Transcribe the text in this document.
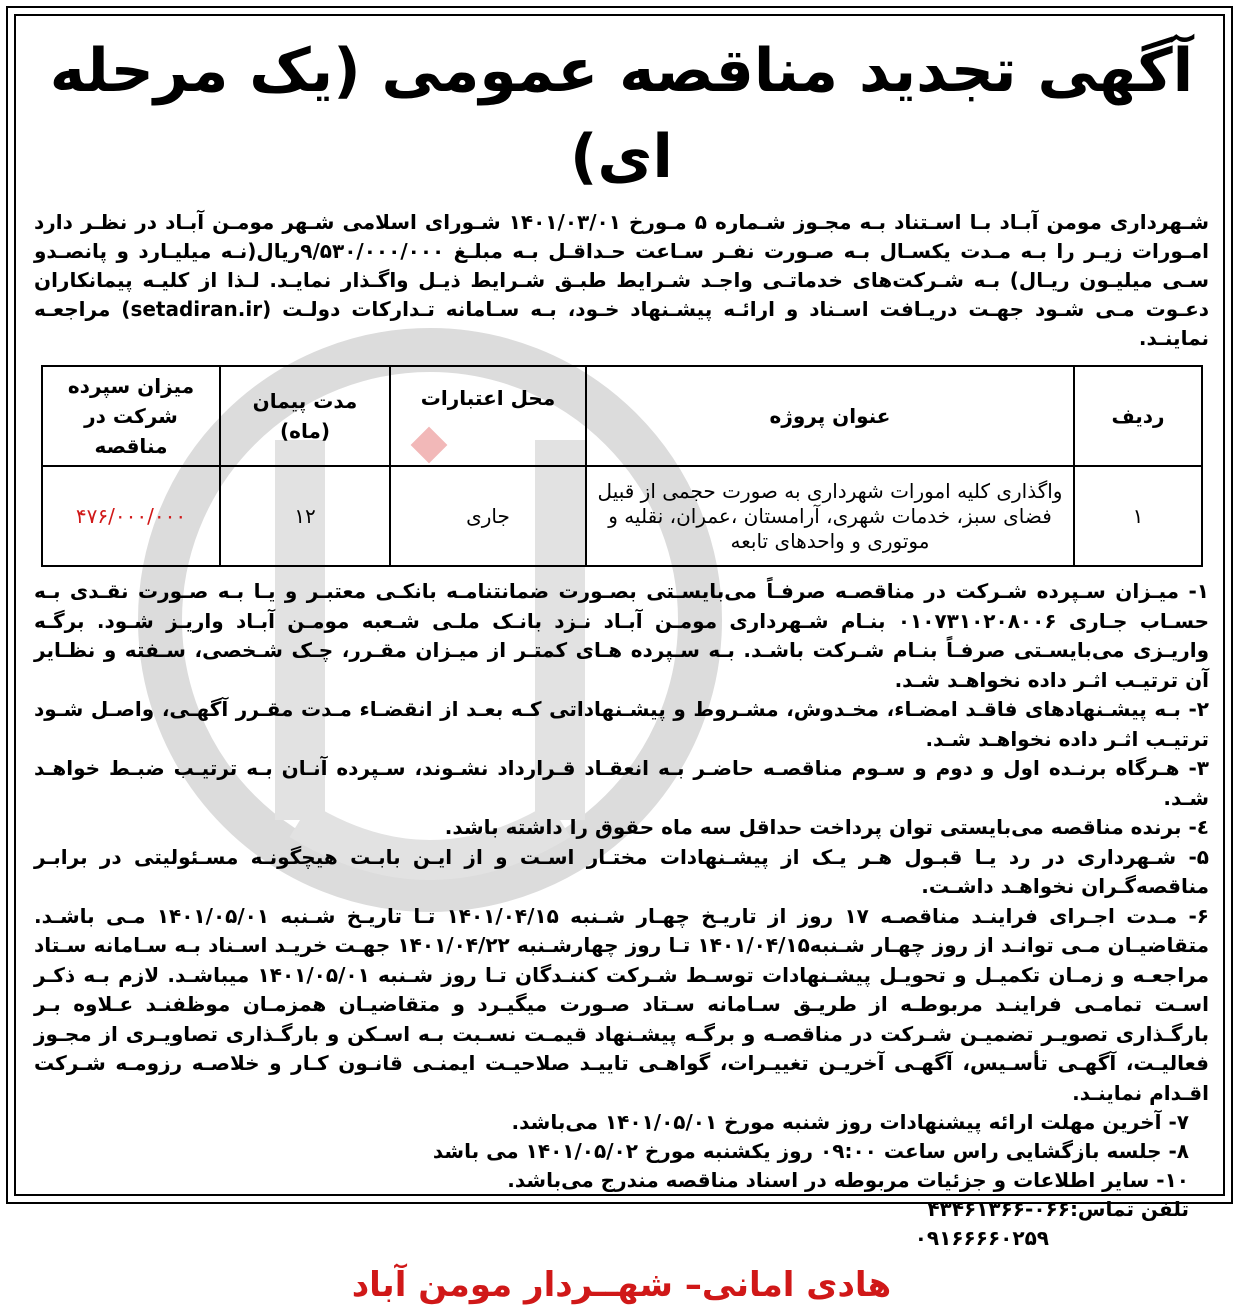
آگهی تجدید مناقصه عمومی (یک مرحله ای)

شـهرداری مومن آبـاد بـا اسـتناد بـه مجـوز شـماره ۵ مـورخ ۱۴۰۱/۰۳/۰۱ شـورای اسلامی شـهر مومـن آبـاد در نظـر دارد امـورات زیـر را بـه مـدت یکسـال بـه صـورت نفـر سـاعت حـداقـل بـه مبلـغ ۹/۵۳۰/۰۰۰/۰۰۰ریال(نـه میلیـارد و پانصـدو سـی میلیـون ریـال) بـه شـرکت‌های خدماتـی واجـد شـرایط طبـق شـرایط ذیـل واگـذار نمایـد. لـذا از کلیـه پیمانکاران دعـوت مـی شـود جهـت دریـافت اسـناد و ارائـه پیشـنهاد خـود، بـه سـامانه تـدارکات دولـت (setadiran.ir) مراجعـه نماینـد.

ردیف	عنوان پروژه	محل اعتبارات	مدت پیمان (ماه)	میزان سپرده شرکت در مناقصه
۱	واگذاری کلیه امورات شهرداری به صورت حجمی از قبیل فضای سبز، خدمات شهری، آرامستان ،عمران، نقلیه و موتوری و واحدهای تابعه	جاری	۱۲	۴۷۶/۰۰۰/۰۰۰

۱- میـزان سـپرده شـرکت در مناقصـه صرفـاً می‌بایسـتی بصـورت ضمانتنامـه بانکـی معتبـر و یـا بـه صـورت نقـدی بـه حسـاب جـاری ۰۱۰۷۳۱۰۲۰۸۰۰۶ بنـام شـهرداری مومـن آبـاد نـزد بانـک ملـی شـعبه مومـن آبـاد واریـز شـود. برگـه واریـزی می‌بایسـتی صرفـاً بنـام شـرکت باشـد. بـه سـپرده هـای کمتـر از میـزان مقـرر، چـک شـخصی، سـفته و نظـایر آن ترتیـب اثـر داده نخواهـد شـد.

۲- بـه پیشـنهادهای فاقـد امضـاء، مخـدوش، مشـروط و پیشـنهاداتی کـه بعـد از انقضـاء مـدت مقـرر آگهـی، واصـل شـود ترتیـب اثـر داده نخواهـد شـد.

۳- هـرگاه برنـده اول و دوم و سـوم مناقصـه حاضـر بـه انعقـاد قـرارداد نشـوند، سـپرده آنـان بـه ترتیـب ضبـط خواهـد شـد.

٤- برنده مناقصه می‌بایستی توان پرداخت حداقل سه ماه حقوق را داشته باشد.

۵- شـهرداری در رد یـا قبـول هـر یـک از پیشـنهادات مختـار اسـت و از ایـن بابـت هیچگونـه مسـئولیتی در برابـر مناقصه‌گـران نخواهـد داشـت.

۶- مـدت اجـرای فراینـد مناقصـه ۱۷ روز از تاریـخ چهـار شـنبه ۱۴۰۱/۰۴/۱۵ تـا تاریـخ شـنبه ۱۴۰۱/۰۵/۰۱ مـی باشـد. متقاضیـان مـی توانـد از روز چهـار شـنبه۱۴۰۱/۰۴/۱۵ تـا روز چهارشـنبه ۱۴۰۱/۰۴/۲۲ جهـت خریـد اسـناد بـه سـامانه سـتاد مراجعـه و زمـان تکمیـل و تحویـل پیشـنهادات توسـط شـرکت کننـدگان تـا روز شـنبه ۱۴۰۱/۰۵/۰۱ میباشـد. لازم بـه ذکـر اسـت تمامـی فراینـد مربوطـه از طریـق سـامانه سـتاد صـورت میگیـرد و متقاضیـان همزمـان موظفنـد عـلاوه بـر بارگـذاری تصویـر تضمیـن شـرکت در مناقصـه و برگـه پیشـنهاد قیمـت نسـبت بـه اسـکن و بارگـذاری تصاویـری از مجـوز فعالیـت، آگهـی تأسـیس، آگهـی آخریـن تغییـرات، گواهـی تاییـد صلاحیـت ایمنـی قانـون کـار و خلاصـه رزومـه شـرکت اقـدام نماینـد.

۷- آخرین مهلت ارائه پیشنهادات روز شنبه مورخ ۱۴۰۱/۰۵/۰۱ می‌باشد.

۸- جلسه بازگشایی راس ساعت ۰۹:۰۰ روز یکشنبه مورخ ۱۴۰۱/۰۵/۰۲ می باشد

۱۰- سایر اطلاعات و جزئیات مربوطه در اسناد مناقصه مندرج می‌باشد.

تلفن تماس:۰۶۶-۴۳۴۶۱۳۶۶

۰۹۱۶۶۶۶۰۲۵۹

هادی امانی– شهــردار مومن آباد
